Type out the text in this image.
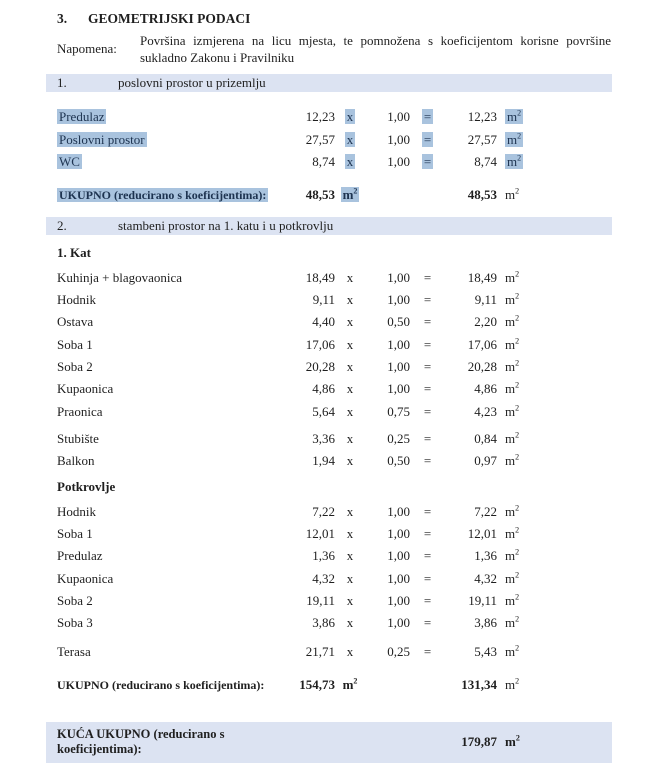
3.	GEOMETRIJSKI PODACI
Napomena:
Površina izmjerena na licu mjesta, te pomnožena s koeficijentom korisne površine sukladno Zakonu i Pravilniku
1.	poslovni prostor u prizemlju
Predulaz	12,23 x	1,00	=	12,23 $m^2$
Poslovni prostor	27,57 x	1,00	=	27,57 $m^2$
WC	8,74 x	1,00	=	8,74 $m^2$
UKUPNO (reducirano s koeficijentima):	48,53 $m^2$	48,53 $m^2$
2.	stambeni prostor na 1. katu i u potkrovlju
1. Kat
Kuhinja + blagovaonica	18,49 x	1,00	=	18,49 $m^2$
Hodnik	9,11 x	1,00	=	9,11 $m^2$
Ostava	4,40 x	0,50	=	2,20 $m^2$
Soba 1	17,06 x	1,00	=	17,06 $m^2$
Soba 2	20,28 x	1,00	=	20,28 $m^2$
Kupaonica	4,86 x	1,00	=	4,86 $m^2$
Praonica	5,64 x	0,75	=	4,23 $m^2$
Stubište	3,36 x	0,25	=	0,84 $m^2$
Balkon	1,94 x	0,50	=	0,97 $m^2$
Potkrovlje
Hodnik	7,22 x	1,00	=	7,22 $m^2$
Soba 1	12,01 x	1,00	=	12,01 $m^2$
Predulaz	1,36 x	1,00	=	1,36 $m^2$
Kupaonica	4,32 x	1,00	=	4,32 $m^2$
Soba 2	19,11 x	1,00	=	19,11 $m^2$
Soba 3	3,86 x	1,00	=	3,86 $m^2$
Terasa	21,71 x	0,25	=	5,43 $m^2$
UKUPNO (reducirano s koeficijentima):	154,73 $m^2$	131,34 $m^2$
KUĆA UKUPNO (reducirano s koeficijentima):	179,87 $m^2$
